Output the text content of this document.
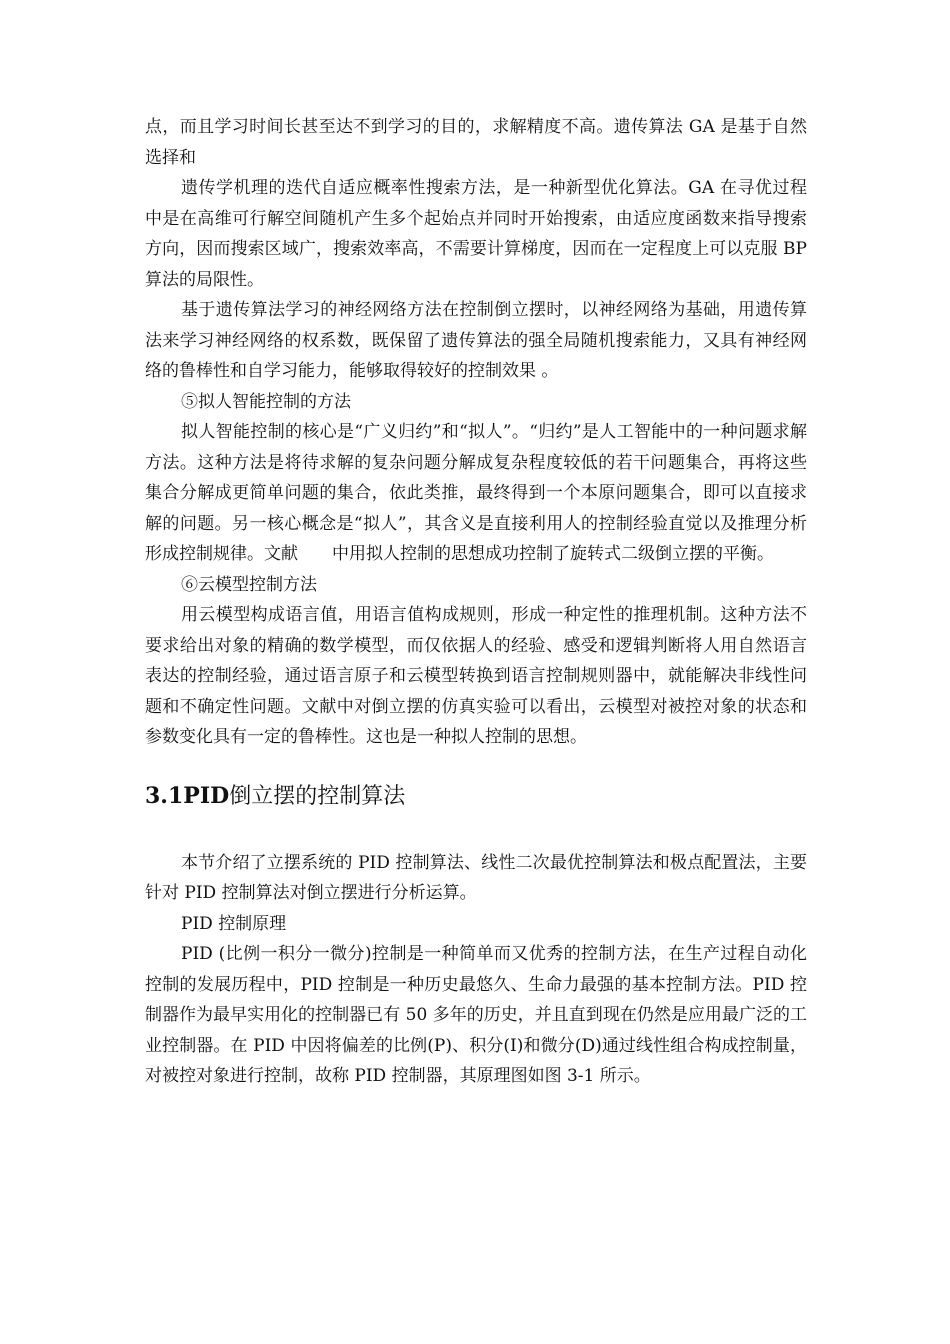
点，而且学习时间长甚至达不到学习的目的，求解精度不高。遗传算法 GA 是基于自然选择和

遗传学机理的迭代自适应概率性搜索方法，是一种新型优化算法。GA 在寻优过程中是在高维可行解空间随机产生多个起始点并同时开始搜索，由适应度函数来指导搜索方向，因而搜索区域广，搜索效率高，不需要计算梯度，因而在一定程度上可以克服 BP 算法的局限性。

基于遗传算法学习的神经网络方法在控制倒立摆时，以神经网络为基础，用遗传算法来学习神经网络的权系数，既保留了遗传算法的强全局随机搜索能力，又具有神经网络的鲁棒性和自学习能力，能够取得较好的控制效果 。

⑤拟人智能控制的方法

拟人智能控制的核心是“广义归约”和“拟人”。“归约”是人工智能中的一种问题求解方法。这种方法是将待求解的复杂问题分解成复杂程度较低的若干问题集合，再将这些集合分解成更简单问题的集合，依此类推，最终得到一个本原问题集合，即可以直接求解的问题。另一核心概念是“拟人”，其含义是直接利用人的控制经验直觉以及推理分析形成控制规律。文献　　中用拟人控制的思想成功控制了旋转式二级倒立摆的平衡。

⑥云模型控制方法

用云模型构成语言值，用语言值构成规则，形成一种定性的推理机制。这种方法不要求给出对象的精确的数学模型，而仅依据人的经验、感受和逻辑判断将人用自然语言表达的控制经验，通过语言原子和云模型转换到语言控制规则器中，就能解决非线性问题和不确定性问题。文献中对倒立摆的仿真实验可以看出，云模型对被控对象的状态和参数变化具有一定的鲁棒性。这也是一种拟人控制的思想。

3.1PID倒立摆的控制算法

本节介绍了立摆系统的 PID 控制算法、线性二次最优控制算法和极点配置法，主要针对 PID 控制算法对倒立摆进行分析运算。

PID 控制原理

PID (比例一积分一微分)控制是一种简单而又优秀的控制方法，在生产过程自动化控制的发展历程中，PID 控制是一种历史最悠久、生命力最强的基本控制方法。PID 控制器作为最早实用化的控制器已有 50 多年的历史，并且直到现在仍然是应用最广泛的工业控制器。在 PID 中因将偏差的比例(P)、积分(I)和微分(D)通过线性组合构成控制量，对被控对象进行控制，故称 PID 控制器，其原理图如图 3-1 所示。
